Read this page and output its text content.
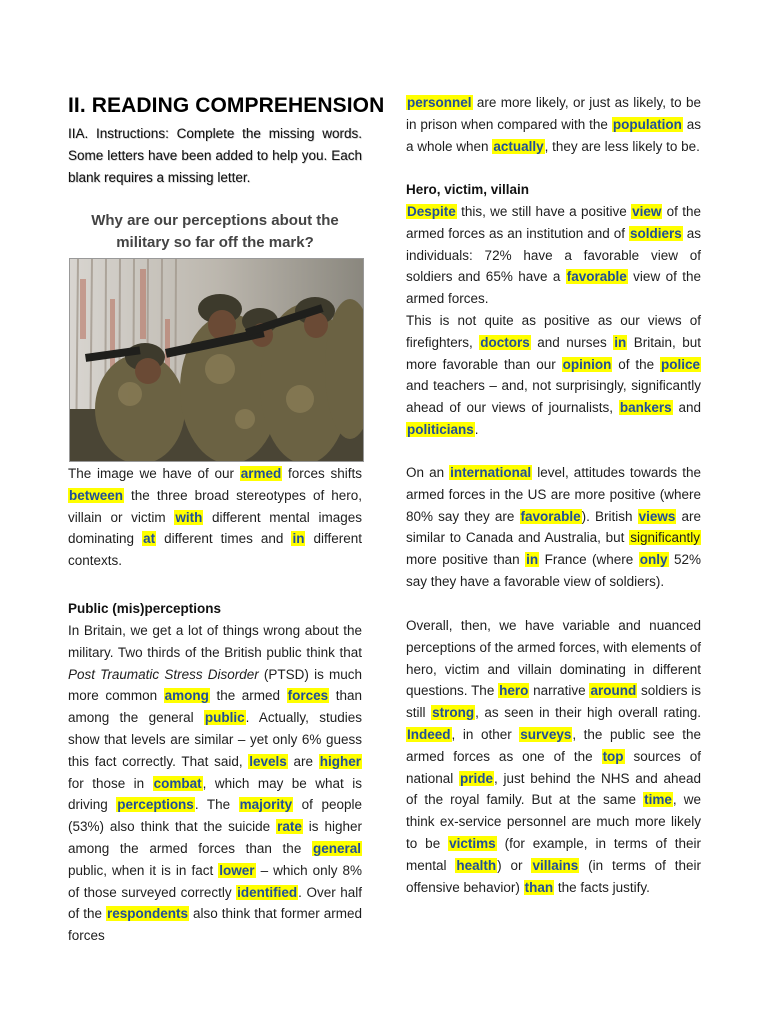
II. READING COMPREHENSION

IIA. Instructions: Complete the missing words. Some letters have been added to help you. Each blank requires a missing letter.

Why are our perceptions about the military so far off the mark?

The image we have of our armed forces shifts between the three broad stereotypes of hero, villain or victim with different mental images dominating at different times and in different contexts.

Public (mis)perceptions

In Britain, we get a lot of things wrong about the military. Two thirds of the British public think that Post Traumatic Stress Disorder (PTSD) is much more common among the armed forces than among the general public. Actually, studies show that levels are similar – yet only 6% guess this fact correctly. That said, levels are higher for those in combat, which may be what is driving perceptions. The majority of people (53%) also think that the suicide rate is higher among the armed forces than the general public, when it is in fact lower – which only 8% of those surveyed correctly identified. Over half of the respondents also think that former armed forces

personnel are more likely, or just as likely, to be in prison when compared with the population as a whole when actually, they are less likely to be.

Hero, victim, villain

Despite this, we still have a positive view of the armed forces as an institution and of soldiers as individuals: 72% have a favorable view of soldiers and 65% have a favorable view of the armed forces.

This is not quite as positive as our views of firefighters, doctors and nurses in Britain, but more favorable than our opinion of the police and teachers – and, not surprisingly, significantly ahead of our views of journalists, bankers and politicians.

On an international level, attitudes towards the armed forces in the US are more positive (where 80% say they are favorable). British views are similar to Canada and Australia, but significantly more positive than in France (where only 52% say they have a favorable view of soldiers).

Overall, then, we have variable and nuanced perceptions of the armed forces, with elements of hero, victim and villain dominating in different questions. The hero narrative around soldiers is still strong, as seen in their high overall rating. Indeed, in other surveys, the public see the armed forces as one of the top sources of national pride, just behind the NHS and ahead of the royal family. But at the same time, we think ex-service personnel are much more likely to be victims (for example, in terms of their mental health) or villains (in terms of their offensive behavior) than the facts justify.
